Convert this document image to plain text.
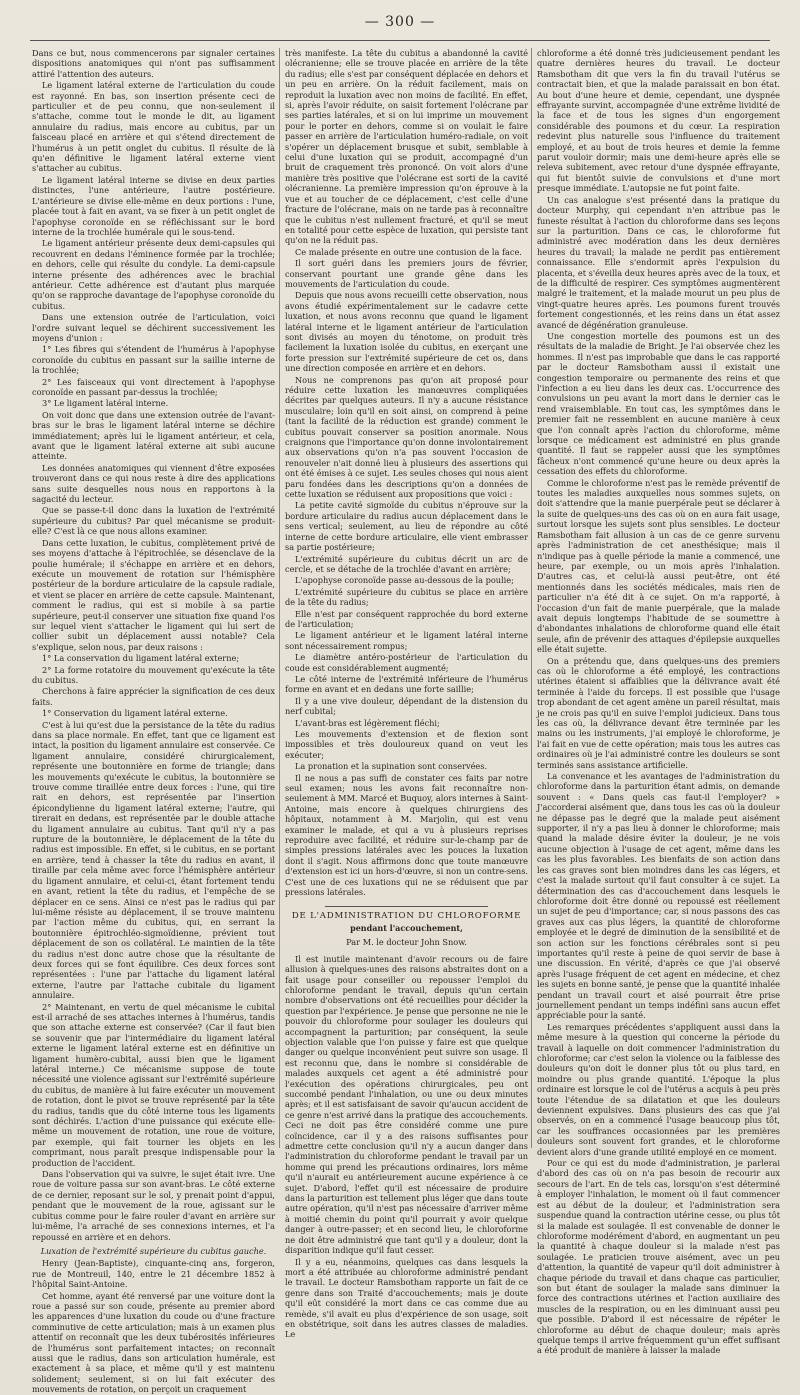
— 300 —

Dans ce but, nous commencerons par signaler certaines dispositions anatomiques qui n'ont pas suffisamment attiré l'attention des auteurs.

Le ligament latéral externe de l'articulation du coude est rayonné. En bas, son insertion présente ceci de particulier et de peu connu, que non-seulement il s'attache, comme tout le monde le dit, au ligament annulaire du radius, mais encore au cubitus, par un faisceau placé en arrière et qui s'étend directement de l'humérus à un petit onglet du cubitus. Il résulte de là qu'en définitive le ligament latéral externe vient s'attacher au cubitus.

Le ligament latéral interne se divise en deux parties distinctes, l'une antérieure, l'autre postérieure. L'antérieure se divise elle-même en deux portions : l'une, placée tout à fait en avant, va se fixer à un petit onglet de l'apophyse coronoïde en se réfléchissant sur le bord interne de la trochlée humérale qui le sous-tend.

Le ligament antérieur présente deux demi-capsules qui recouvrent en dedans l'éminence formée par la trochlée; en dehors, celle qui résulte du condyle. La demi-capsule interne présente des adhérences avec le brachial antérieur. Cette adhérence est d'autant plus marquée qu'on se rapproche davantage de l'apophyse coronoïde du cubitus.

Dans une extension outrée de l'articulation, voici l'ordre suivant lequel se déchirent successivement les moyens d'union :

1° Les fibres qui s'étendent de l'humérus à l'apophyse coronoïde du cubitus en passant sur la saillie interne de la trochlée;

2° Les faisceaux qui vont directement à l'apophyse coronoïde en passant par-dessus la trochlée;

3° Le ligament latéral interne.

On voit donc que dans une extension outrée de l'avant-bras sur le bras le ligament latéral interne se déchire immédiatement; après lui le ligament antérieur, et cela, avant que le ligament latéral externe ait subi aucune atteinte.

Les données anatomiques qui viennent d'être exposées trouveront dans ce qui nous reste à dire des applications sans suite desquelles nous nous en rapportons à la sagacité du lecteur.

Que se passe-t-il donc dans la luxation de l'extrémité supérieure du cubitus? Par quel mécanisme se produit-elle? C'est là ce que nous allons examiner.

Dans cette luxation, le cubitus, complètement privé de ses moyens d'attache à l'épitrochlée, se désenclave de la poulie humérale; il s'échappe en arrière et en dehors, exécute un mouvement de rotation sur l'hémisphère postérieur de la bordure articulaire de la capsule radiale, et vient se placer en arrière de cette capsule. Maintenant, comment le radius, qui est si mobile à sa partie supérieure, peut-il conserver une situation fixe quand l'os sur lequel vient s'attacher le ligament qui lui sert de collier subit un déplacement aussi notable? Cela s'explique, selon nous, par deux raisons :

1° La conservation du ligament latéral externe;

2° La forme rotatoire du mouvement qu'exécute la tête du cubitus.

Cherchons à faire apprécier la signification de ces deux faits.

1° Conservation du ligament latéral externe.

C'est à lui qu'est due la persistance de la tête du radius dans sa place normale. En effet, tant que ce ligament est intact, la position du ligament annulaire est conservée. Ce ligament annulaire, considéré chirurgicalement, représente une boutonnière en forme de triangle; dans les mouvements qu'exécute le cubitus, la boutonnière se trouve comme tiraillée entre deux forces : l'une, qui tire rait en dehors, est représentée par l'insertion épicondylienne du ligament latéral externe; l'autre, qui tirerait en dedans, est représentée par le double attache du ligament annulaire au cubitus. Tant qu'il n'y a pas rupture de la boutonnière, le déplacement de la tête du radius est impossible. En effet, si le cubitus, en se portant en arrière, tend à chasser la tête du radius en avant, il tiraille par cela même avec force l'hémisphère antérieur du ligament annulaire, et celui-ci, étant fortement tendu en avant, retient la tête du radius, et l'empêche de se déplacer en ce sens. Ainsi ce n'est pas le radius qui par lui-même résiste au déplacement, il se trouve maintenu par l'action même du cubitus, qui, en serrant la boutonnière épitrochléo-sigmoïdienne, prévient tout déplacement de son os collatéral. Le maintien de la tête du radius n'est donc autre chose que la résultante de deux forces qui se font équilibre. Ces deux forces sont représentées : l'une par l'attache du ligament latéral externe, l'autre par l'attache cubitale du ligament annulaire.

2° Maintenant, en vertu de quel mécanisme le cubital est-il arraché de ses attaches internes à l'humérus, tandis que son attache externe est conservée? (Car il faut bien se souvenir que par l'intermédiaire du ligament latéral externe le ligament latéral externe est en définitive un ligament humèro-cubital, aussi bien que le ligament latéral interne.) Ce mécanisme suppose de toute nécessité une violence agissant sur l'extrémité supérieure du cubitus, de manière à lui faire exécuter un mouvement de rotation, dont le pivot se trouve représenté par la tête du radius, tandis que du côté interne tous les ligaments sont déchirés. L'action d'une puissance qui exécute elle-même un mouvement de rotation, une roue de voiture, par exemple, qui fait tourner les objets en les comprimant, nous paraît presque indispensable pour la production de l'accident.

Dans l'observation qui va suivre, le sujet était ivre. Une roue de voiture passa sur son avant-bras. Le côté externe de ce dernier, reposant sur le sol, y prenait point d'appui, pendant que le mouvement de la roue, agissant sur le cubitus comme pour le faire rouler d'avant en arrière sur lui-même, l'a arraché de ses connexions internes, et l'a repoussé en arrière et en dehors.

Luxation de l'extrémité supérieure du cubitus gauche.

Henry (Jean-Baptiste), cinquante-cinq ans, forgeron, rue de Montreuil, 140, entre le 21 décembre 1852 à l'hôpital Saint-Antoine.

Cet homme, ayant été renversé par une voiture dont la roue a passé sur son coude, présente au premier abord les apparences d'une luxation du coude ou d'une fracture comminutive de cette articulation; mais à un examen plus attentif on reconnaît que les deux tubérosités inférieures de l'humérus sont parfaitement intactes; on reconnaît aussi que le radius, dans son articulation humérale, est exactement à sa place, et même qu'il y est maintenu solidement; seulement, si on lui fait exécuter des mouvements de rotation, on perçoit un craquement

très manifeste. La tête du cubitus a abandonné la cavité olécranienne; elle se trouve placée en arrière de la tête du radius; elle s'est par conséquent déplacée en dehors et un peu en arrière. On la réduit facilement, mais on reproduit la luxation avec non moins de facilité. En effet, si, après l'avoir réduite, on saisit fortement l'olécrane par ses parties latérales, et si on lui imprime un mouvement pour le porter en dehors, comme si on voulait le faire passer en arrière de l'articulation huméro-radiale, on voit s'opérer un déplacement brusque et subit, semblable à celui d'une luxation qui se produit, accompagné d'un bruit de craquement très prononcé. On voit alors d'une manière très positive que l'olécrane est sorti de la cavité olécranienne. La première impression qu'on éprouve à la vue et au toucher de ce déplacement, c'est celle d'une fracture de l'olécrane, mais on ne tarde pas à reconnaître que le cubitus n'est nullement fracturé, et qu'il se meut en totalité pour cette espèce de luxation, qui persiste tant qu'on ne la réduit pas.

Ce malade présente en outre une contusion de la face.

Il sort guéri dans les premiers jours de février, conservant pourtant une grande gêne dans les mouvements de l'articulation du coude.

Depuis que nous avons recueilli cette observation, nous avons étudié expérimentalement sur le cadavre cette luxation, et nous avons reconnu que quand le ligament latéral interne et le ligament antérieur de l'articulation sont divisés au moyen du ténotome, on produit très facilement la luxation isolée du cubitus, en exerçant une forte pression sur l'extrémité supérieure de cet os, dans une direction composée en arrière et en dehors.

Nous ne comprenons pas qu'on ait proposé pour réduire cette luxation les manœuvres compliquées décrites par quelques auteurs. Il n'y a aucune résistance musculaire; loin qu'il en soit ainsi, on comprend à peine (tant la facilité de la réduction est grande) comment le cubitus pouvait conserver sa position anormale. Nous craignons que l'importance qu'on donne involontairement aux observations qu'on n'a pas souvent l'occasion de renouveler n'ait donné lieu à plusieurs des assertions qui ont été émises à ce sujet. Les seules choses qui nous aient paru fondées dans les descriptions qu'on a données de cette luxation se réduisent aux propositions que voici :

La petite cavité sigmoïde du cubitus n'éprouve sur la bordure articulaire du radius aucun déplacement dans le sens vertical; seulement, au lieu de répondre au côté interne de cette bordure articulaire, elle vient embrasser sa partie postérieure;

L'extrémité supérieure du cubitus décrit un arc de cercle, et se détache de la trochlée d'avant en arrière;

L'apophyse coronoïde passe au-dessous de la poulie;

L'extrémité supérieure du cubitus se place en arrière de la tête du radius;

Elle n'est par conséquent rapprochée du bord externe de l'articulation;

Le ligament antérieur et le ligament latéral interne sont nécessairement rompus;

Le diamètre antéro-postérieur de l'articulation du coude est considérablement augmenté;

Le côté interne de l'extrémité inférieure de l'humérus forme en avant et en dedans une forte saillie;

Il y a une vive douleur, dépendant de la distension du nerf cubital;

L'avant-bras est légèrement fléchi;

Les mouvements d'extension et de flexion sont impossibles et très douloureux quand on veut les exécuter;

La pronation et la supination sont conservées.

Il ne nous a pas suffi de constater ces faits par notre seul examen; nous les avons fait reconnaître non-seulement à MM. Marcé et Buquoy, alors internes à Saint-Antoine, mais encore à quelques chirurgiens des hôpitaux, notamment à M. Marjolin, qui est venu examiner le malade, et qui a vu à plusieurs reprises reproduire avec facilité, et réduire sur-le-champ par de simples pressions latérales avec les pouces la luxation dont il s'agit. Nous affirmons donc que toute manœuvre d'extension est ici un hors-d'œuvre, si non un contre-sens. C'est une de ces luxations qui ne se réduisent que par pressions latérales.

DE L'ADMINISTRATION DU CHLOROFORME
pendant l'accouchement,
Par M. le docteur John Snow.

Il est inutile maintenant d'avoir recours ou de faire allusion à quelques-unes des raisons abstraites dont on a fait usage pour conseiller ou repousser l'emploi du chloroforme pendant le travail, depuis qu'un certain nombre d'observations ont été recueillies pour décider la question par l'expérience. Je pense que personne ne nie le pouvoir du chloroforme pour soulager les douleurs qui accompagnent la parturition; par conséquent, la seule objection valable que l'on puisse y faire est que quelque danger ou quelque inconvénient peut suivre son usage. Il est reconnu que, dans le nombre si considérable de malades auxquels cet agent a été administré pour l'exécution des opérations chirurgicales, peu ont succombé pendant l'inhalation, ou une ou deux minutes après; et il est satisfaisant de savoir qu'aucun accident de ce genre n'est arrivé dans la pratique des accouchements. Ceci ne doit pas être considéré comme une pure coïncidence, car il y a des raisons suffisantes pour admettre cette conclusion qu'il n'y a aucun danger dans l'administration du chloroforme pendant le travail par un homme qui prend les précautions ordinaires, lors même qu'il n'aurait eu antérieurement aucune expérience à ce sujet. D'abord, l'effet qu'il est nécessaire de produire dans la parturition est tellement plus léger que dans toute autre opération, qu'il n'est pas nécessaire d'arriver même à moitié chemin du point qu'il pourrait y avoir quelque danger à outre-passer; et en second lieu, le chloroforme ne doit être administré que tant qu'il y a douleur, dont la disparition indique qu'il faut cesser.

Il y a eu, néanmoins, quelques cas dans lesquels la mort a été attribuée au chloroforme administré pendant le travail. Le docteur Ramsbotham rapporte un fait de ce genre dans son Traité d'accouchements; mais je doute qu'il eût considéré la mort dans ce cas comme due au remède, s'il avait eu plus d'expérience de son usage, soit en obstétrique, soit dans les autres classes de maladies. Le

chloroforme a été donné très judicieusement pendant les quatre dernières heures du travail. Le docteur Ramsbotham dit que vers la fin du travail l'utérus se contractait bien, et que la malade paraissait en bon état. Au bout d'une heure et demie, cependant, une dyspnée effrayante survint, accompagnée d'une extrême lividité de la face et de tous les signes d'un engorgement considérable des poumons et du cœur. La respiration redevint plus naturelle sous l'influence du traitement employé, et au bout de trois heures et demie la femme parut vouloir dormir; mais une demi-heure après elle se releva subitement, avec retour d'une dyspnée effrayante, qui fut bientôt suivie de convulsions et d'une mort presque immédiate. L'autopsie ne fut point faite.

Un cas analogue s'est présenté dans la pratique du docteur Murphy, qui cependant n'en attribue pas le funeste résultat à l'action du chloroforme dans ses leçons sur la parturition. Dans ce cas, le chloroforme fut administré avec modération dans les deux dernières heures du travail; la malade ne perdit pas entièrement connaissance. Elle s'endormit après l'expulsion du placenta, et s'éveilla deux heures après avec de la toux, et de la difficulté de respirer. Ces symptômes augmentèrent malgré le traitement, et la malade mourut un peu plus de vingt-quatre heures après. Les poumons furent trouvés fortement congestionnés, et les reins dans un état assez avancé de dégénération granuleuse.

Une congestion mortelle des poumons est un des résultats de la maladie de Bright. Je l'ai observée chez les hommes. Il n'est pas improbable que dans le cas rapporté par le docteur Ramsbotham aussi il existait une congestion temporaire ou permanente des reins et que l'infection a eu lieu dans les deux cas. L'occurrence des convulsions un peu avant la mort dans le dernier cas le rend vraisemblable. En tout cas, les symptômes dans le premier fait ne ressemblent en aucune manière à ceux que l'on connaît après l'action du chloroforme, même lorsque ce médicament est administré en plus grande quantité. Il faut se rappeler aussi que les symptômes fâcheux n'ont commencé qu'une heure ou deux après la cessation des effets du chloroforme.

Comme le chloroforme n'est pas le remède préventif de toutes les maladies auxquelles nous sommes sujets, on doit s'attendre que la manie puerpérale peut se déclarer à la suite de quelques-uns des cas où on en aura fait usage, surtout lorsque les sujets sont plus sensibles. Le docteur Ramsbotham fait allusion à un cas de ce genre survenu après l'administration de cet anesthésique; mais il n'indique pas à quelle période la manie a commencé, une heure, par exemple, ou un mois après l'inhalation. D'autres cas, et celui-là aussi peut-être, ont été mentionnés dans les sociétés médicales, mais rien de particulier n'a été dit à ce sujet. On m'a rapporté, à l'occasion d'un fait de manie puerpérale, que la malade avait depuis longtemps l'habitude de se soumettre à d'abondantes inhalations de chloroforme quand elle était seule, afin de prévenir des attaques d'épilepsie auxquelles elle était sujette.

On a prétendu que, dans quelques-uns des premiers cas où le chloroforme a été employé, les contractions utérines étaient si affaiblies que la délivrance avait été terminée à l'aide du forceps. Il est possible que l'usage trop abondant de cet agent amène un pareil résultat, mais je ne crois pas qu'il en suive l'emploi judicieux. Dans tous les cas où, la délivrance devant être terminée par les mains ou les instruments, j'ai employé le chloroforme, je l'ai fait en vue de cette opération; mais tous les autres cas ordinaires où je l'ai administré contre les douleurs se sont terminés sans assistance artificielle.

La convenance et les avantages de l'administration du chloroforme dans la parturition étant admis, on demande souvent : « Dans quels cas faut-il l'employer? » J'accorderai aisément que, dans tous les cas où la douleur ne dépasse pas le degré que la malade peut aisément supporter, il n'y a pas lieu à donner le chloroforme; mais quand la malade désire éviter la douleur, je ne vois aucune objection à l'usage de cet agent, même dans les cas les plus favorables. Les bienfaits de son action dans les cas graves sont bien moindres dans les cas légers, et c'est la malade surtout qu'il faut consulter à ce sujet. La détermination des cas d'accouchement dans lesquels le chloroforme doit être donné ou repoussé est réellement un sujet de peu d'importance; car, si nous passons des cas graves aux cas plus légers, la quantité de chloroforme employée et le degré de diminution de la sensibilité et de son action sur les fonctions cérébrales sont si peu importantes qu'il reste à peine de quoi servir de base à une discussion. En vérité, d'après ce que j'ai observé après l'usage fréquent de cet agent en médecine, et chez les sujets en bonne santé, je pense que la quantité inhalée pendant un travail court et aisé pourrait être prise journellement pendant un temps indéfini sans aucun effet appréciable pour la santé.

Les remarques précédentes s'appliquent aussi dans la même mesure à la question qui concerne la période du travail à laquelle on doit commencer l'administration du chloroforme; car c'est selon la violence ou la faiblesse des douleurs qu'on doit le donner plus tôt ou plus tard, en moindre ou plus grande quantité. L'époque la plus ordinaire est lorsque le col de l'utérus a acquis à peu près toute l'étendue de sa dilatation et que les douleurs deviennent expulsives. Dans plusieurs des cas que j'ai observés, on en a commencé l'usage beaucoup plus tôt, car les souffrances occasionnées par les premières douleurs sont souvent fort grandes, et le chloroforme devient alors d'une grande utilité employé en ce moment.

Pour ce qui est du mode d'administration, je parlerai d'abord des cas où on n'a pas besoin de recourir aux secours de l'art. En de tels cas, lorsqu'on s'est déterminé à employer l'inhalation, le moment où il faut commencer est au début de la douleur, et l'administration sera suspendue quand la contraction utérine cesse, ou plus tôt si la malade est soulagée. Il est convenable de donner le chloroforme modérément d'abord, en augmentant un peu la quantité à chaque douleur si la malade n'est pas soulagée. Le praticien trouve aisément, avec un peu d'attention, la quantité de vapeur qu'il doit administrer à chaque période du travail et dans chaque cas particulier, son but étant de soulager la malade sans diminuer la force des contractions utérines et l'action auxiliaire des muscles de la respiration, ou en les diminuant aussi peu que possible. D'abord il est nécessaire de répéter le chloroforme au début de chaque douleur; mais après quelque temps il arrive fréquemment qu'un effet suffisant a été produit de manière à laisser la malade
